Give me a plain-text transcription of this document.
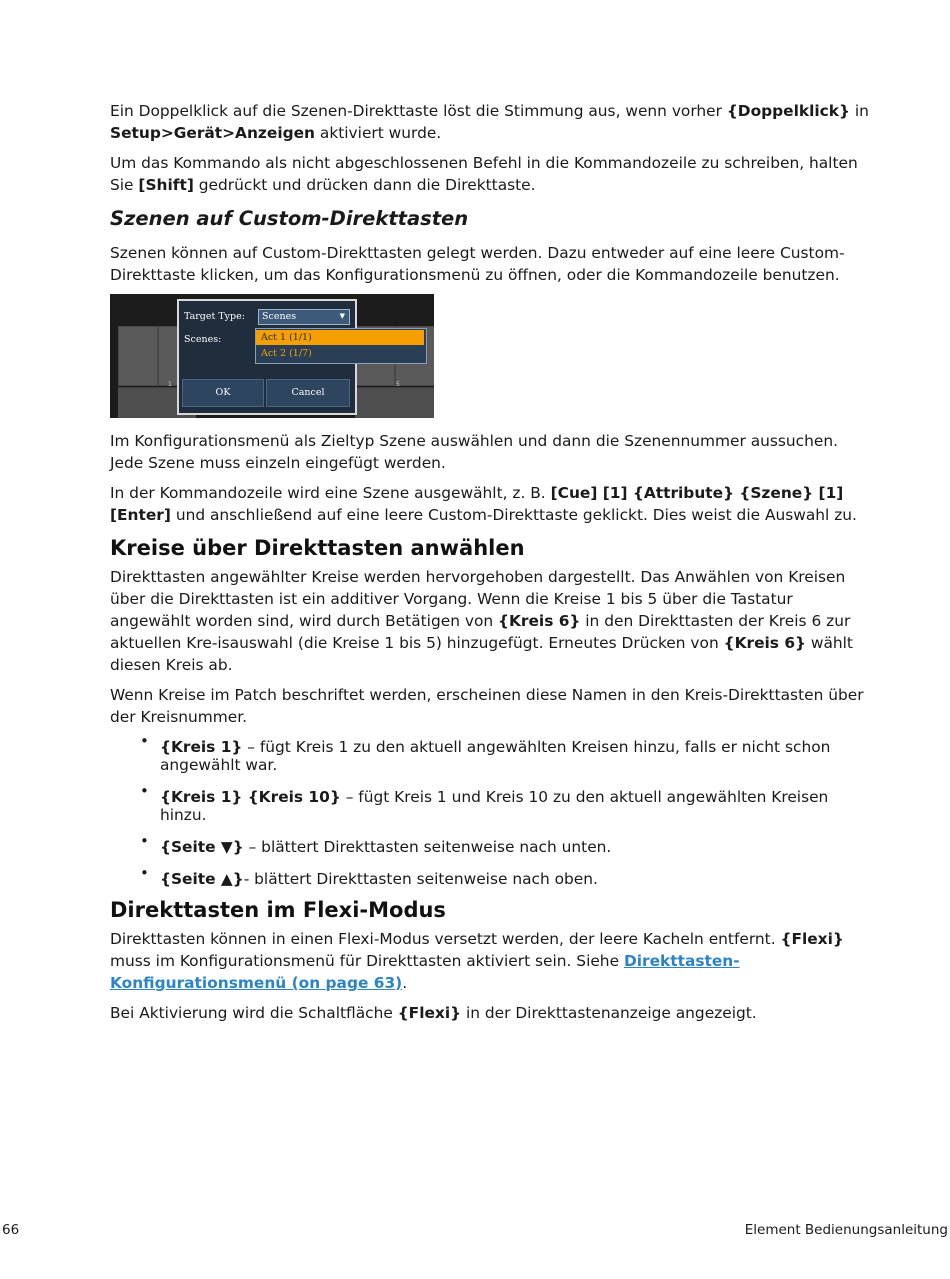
Ein Doppelklick auf die Szenen-Direkttaste löst die Stimmung aus, wenn vorher {Doppelklick} in Setup>Gerät>Anzeigen aktiviert wurde.

Um das Kommando als nicht abgeschlossenen Befehl in die Kommandozeile zu schreiben, halten Sie [Shift] gedrückt und drücken dann die Direkttaste.

Szenen auf Custom-Direkttasten

Szenen können auf Custom-Direkttasten gelegt werden. Dazu entweder auf eine leere Custom-Direkttaste klicken, um das Konfigurationsmenü zu öffnen, oder die Kommandozeile benutzen.

1	5
Target Type: Scenes	▼
Scenes:
OK	Cancel
Act 1 (1/1)
Act 2 (1/7)

Im Konfigurationsmenü als Zieltyp Szene auswählen und dann die Szenennummer aussuchen. Jede Szene muss einzeln eingefügt werden.

In der Kommandozeile wird eine Szene ausgewählt, z. B. [Cue] [1] {Attribute} {Szene} [1] [Enter] und anschließend auf eine leere Custom-Direkttaste geklickt. Dies weist die Auswahl zu.

Kreise über Direkttasten anwählen

Direkttasten angewählter Kreise werden hervorgehoben dargestellt. Das Anwählen von Kreisen über die Direkttasten ist ein additiver Vorgang. Wenn die Kreise 1 bis 5 über die Tastatur angewählt worden sind, wird durch Betätigen von {Kreis 6} in den Direkttasten der Kreis 6 zur aktuellen Kre-isauswahl (die Kreise 1 bis 5) hinzugefügt. Erneutes Drücken von {Kreis 6} wählt diesen Kreis ab.

Wenn Kreise im Patch beschriftet werden, erscheinen diese Namen in den Kreis-Direkttasten über der Kreisnummer.

• {Kreis 1} – fügt Kreis 1 zu den aktuell angewählten Kreisen hinzu, falls er nicht schon angewählt war.
• {Kreis 1} {Kreis 10} – fügt Kreis 1 und Kreis 10 zu den aktuell angewählten Kreisen hinzu.
• {Seite ▼} – blättert Direkttasten seitenweise nach unten.
• {Seite ▲}- blättert Direkttasten seitenweise nach oben.
Direkttasten im Flexi-Modus

Direkttasten können in einen Flexi-Modus versetzt werden, der leere Kacheln entfernt. {Flexi} muss im Konfigurationsmenü für Direkttasten aktiviert sein. Siehe Direkttasten-Konfigurationsmenü (on page 63).

Bei Aktivierung wird die Schaltfläche {Flexi} in der Direkttastenanzeige angezeigt.

66	Element Bedienungsanleitung
